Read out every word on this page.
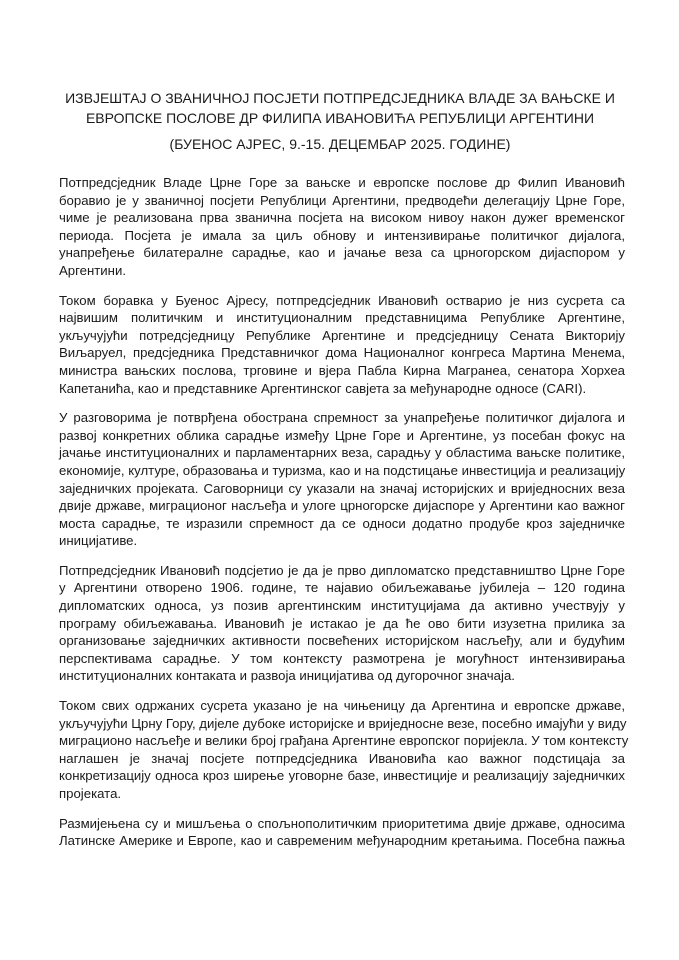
ИЗВЈЕШТАЈ О ЗВАНИЧНОЈ ПОСЈЕТИ ПОТПРЕДСЈЕДНИКА ВЛАДЕ ЗА ВАЊСКЕ И
ЕВРОПСКЕ ПОСЛОВЕ ДР ФИЛИПА ИВАНОВИЋА РЕПУБЛИЦИ АРГЕНТИНИ
(БУЕНОС АЈРЕС, 9.-15. ДЕЦЕМБАР 2025. ГОДИНЕ)
Потпредсједник Владе Црне Горе за вањске и европске послове др Филип Ивановић
боравио је у званичној посјети Републици Аргентини, предводећи делегацију Црне Горе,
чиме је реализована прва званична посјета на високом нивоу након дужег временског
периода. Посјета је имала за циљ обнову и интензивирање политичког дијалога,
унапређење билатералне сарадње, као и јачање веза са црногорском дијаспором у
Аргентини.
Током боравка у Буенос Ајресу, потпредсједник Ивановић остварио је низ сусрета са
највишим политичким и институционалним представницима Републике Аргентине,
укључујући потредсједницу Републике Аргентине и предсједницу Сената Викторију
Виљаруел, предсједника Представничког дома Националног конгреса Мартина Менема,
министра вањских послова, трговине и вјера Пабла Кирна Магранеа, сенатора Хорхеа
Капетанића, као и представнике Аргентинског савјета за међународне односе (CARI).
У разговорима је потврђена обострана спремност за унапређење политичког дијалога и
развој конкретних облика сарадње између Црне Горе и Аргентине, уз посебан фокус на
јачање институционалних и парламентарних веза, сарадњу у областима вањске политике,
економије, културе, образовања и туризма, као и на подстицање инвестиција и реализацију
заједничких пројеката. Саговорници су указали на значај историјских и вриједносних веза
двије државе, миграционог насљеђа и улоге црногорске дијаспоре у Аргентини као важног
моста сарадње, те изразили спремност да се односи додатно продубе кроз заједничке
иницијативе.
Потпредсједник Ивановић подсјетио је да је прво дипломатско представништво Црне Горе
у Аргентини отворено 1906. године, те најавио обиљежавање јубилеја – 120 година
дипломатских односа, уз позив аргентинским институцијама да активно учествују у
програму обиљежавања. Ивановић је истакао је да ће ово бити изузетна прилика за
организовање заједничких активности посвећених историјском насљеђу, али и будућим
перспективама сарадње. У том контексту размотрена је могућност интензивирања
институционалних контаката и развоја иницијатива од дугорочног значаја.
Током свих одржаних сусрета указано је на чињеницу да Аргентина и европске државе,
укључујући Црну Гору, дијеле дубоке историјске и вриједносне везе, посебно имајући у виду
миграционо насљеђе и велики број грађана Аргентине европског поријекла. У том контексту
наглашен је значај посјете потпредсједника Ивановића као важног подстицаја за
конкретизацију односа кроз ширење уговорне базе, инвестиције и реализацију заједничких
пројеката.
Размијењена су и мишљења о спољнополитичким приоритетима двије државе, односима
Латинске Америке и Европе, као и савременим међународним кретањима. Посебна пажња
